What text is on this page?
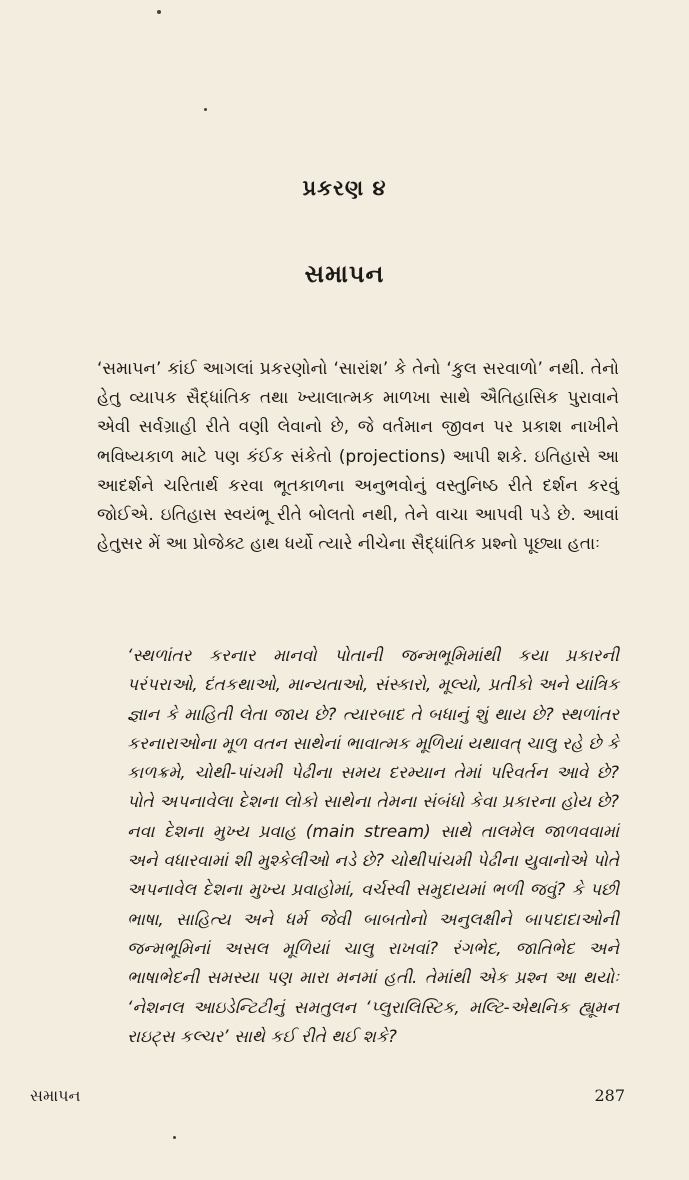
પ્રકરણ ૪
સમાપન

‘સમાપન’ કાંઈ આગલાં પ્રકરણોનો ‘સારાંશ’ કે તેનો ‘કુલ સરવાળો’ નથી. તેનો હેતુ વ્યાપક સૈદ્ધાંતિક તથા ખ્યાલાત્મક માળખા સાથે ઐતિહાસિક પુરાવાને એવી સર્વગ્રાહી રીતે વણી લેવાનો છે, જે વર્તમાન જીવન પર પ્રકાશ નાખીને ભવિષ્યકાળ માટે પણ કંઈક સંકેતો (projections) આપી શકે. ઇતિહાસે આ આદર્શને ચરિતાર્થ કરવા ભૂતકાળના અનુભવોનું વસ્તુનિષ્ઠ રીતે દર્શન કરવું જોઈએ. ઇતિહાસ સ્વયંભૂ રીતે બોલતો નથી, તેને વાચા આપવી પડે છે. આવાં હેતુસર મેં આ પ્રોજેક્ટ હાથ ધર્યો ત્યારે નીચેના સૈદ્ધાંતિક પ્રશ્નો પૂછ્યા હતાઃ

‘સ્થળાંતર કરનાર માનવો પોતાની જન્મભૂમિમાંથી કયા પ્રકારની પરંપરાઓ, દંતકથાઓ, માન્યતાઓ, સંસ્કારો, મૂલ્યો, પ્રતીકો અને યાંત્રિક જ્ઞાન કે માહિતી લેતા જાય છે? ત્યારબાદ તે બધાનું શું થાય છે? સ્થળાંતર કરનારાઓના મૂળ વતન સાથેનાં ભાવાત્મક મૂળિયાં યથાવત્ ચાલુ રહે છે કે કાળક્રમે, ચોથી-પાંચમી પેઢીના સમય દરમ્યાન તેમાં પરિવર્તન આવે છે? પોતે અપનાવેલા દેશના લોકો સાથેના તેમના સંબંધો કેવા પ્રકારના હોય છે? નવા દેશના મુખ્ય પ્રવાહ (main stream) સાથે તાલમેલ જાળવવામાં અને વધારવામાં શી મુશ્કેલીઓ નડે છે? ચોથીપાંચમી પેઢીના યુવાનોએ પોતે અપનાવેલ દેશના મુખ્ય પ્રવાહોમાં, વર્ચસ્વી સમુદાયમાં ભળી જવું? કે પછી ભાષા, સાહિત્ય અને ધર્મ જેવી બાબતોનો અનુલક્ષીને બાપદાદાઓની જન્મભૂમિનાં અસલ મૂળિયાં ચાલુ રાખવાં? રંગભેદ, જાતિભેદ અને ભાષાભેદની સમસ્યા પણ મારા મનમાં હતી. તેમાંથી એક પ્રશ્ન આ થયોઃ ‘નેશનલ આઇડેન્ટિટીનું સમતુલન ‘પ્લુરાલિસ્ટિક, મલ્ટિ-એથનિક હ્યૂમન રાઇટ્સ કલ્ચર’ સાથે કઈ રીતે થઈ શકે?

સમાપન	287
